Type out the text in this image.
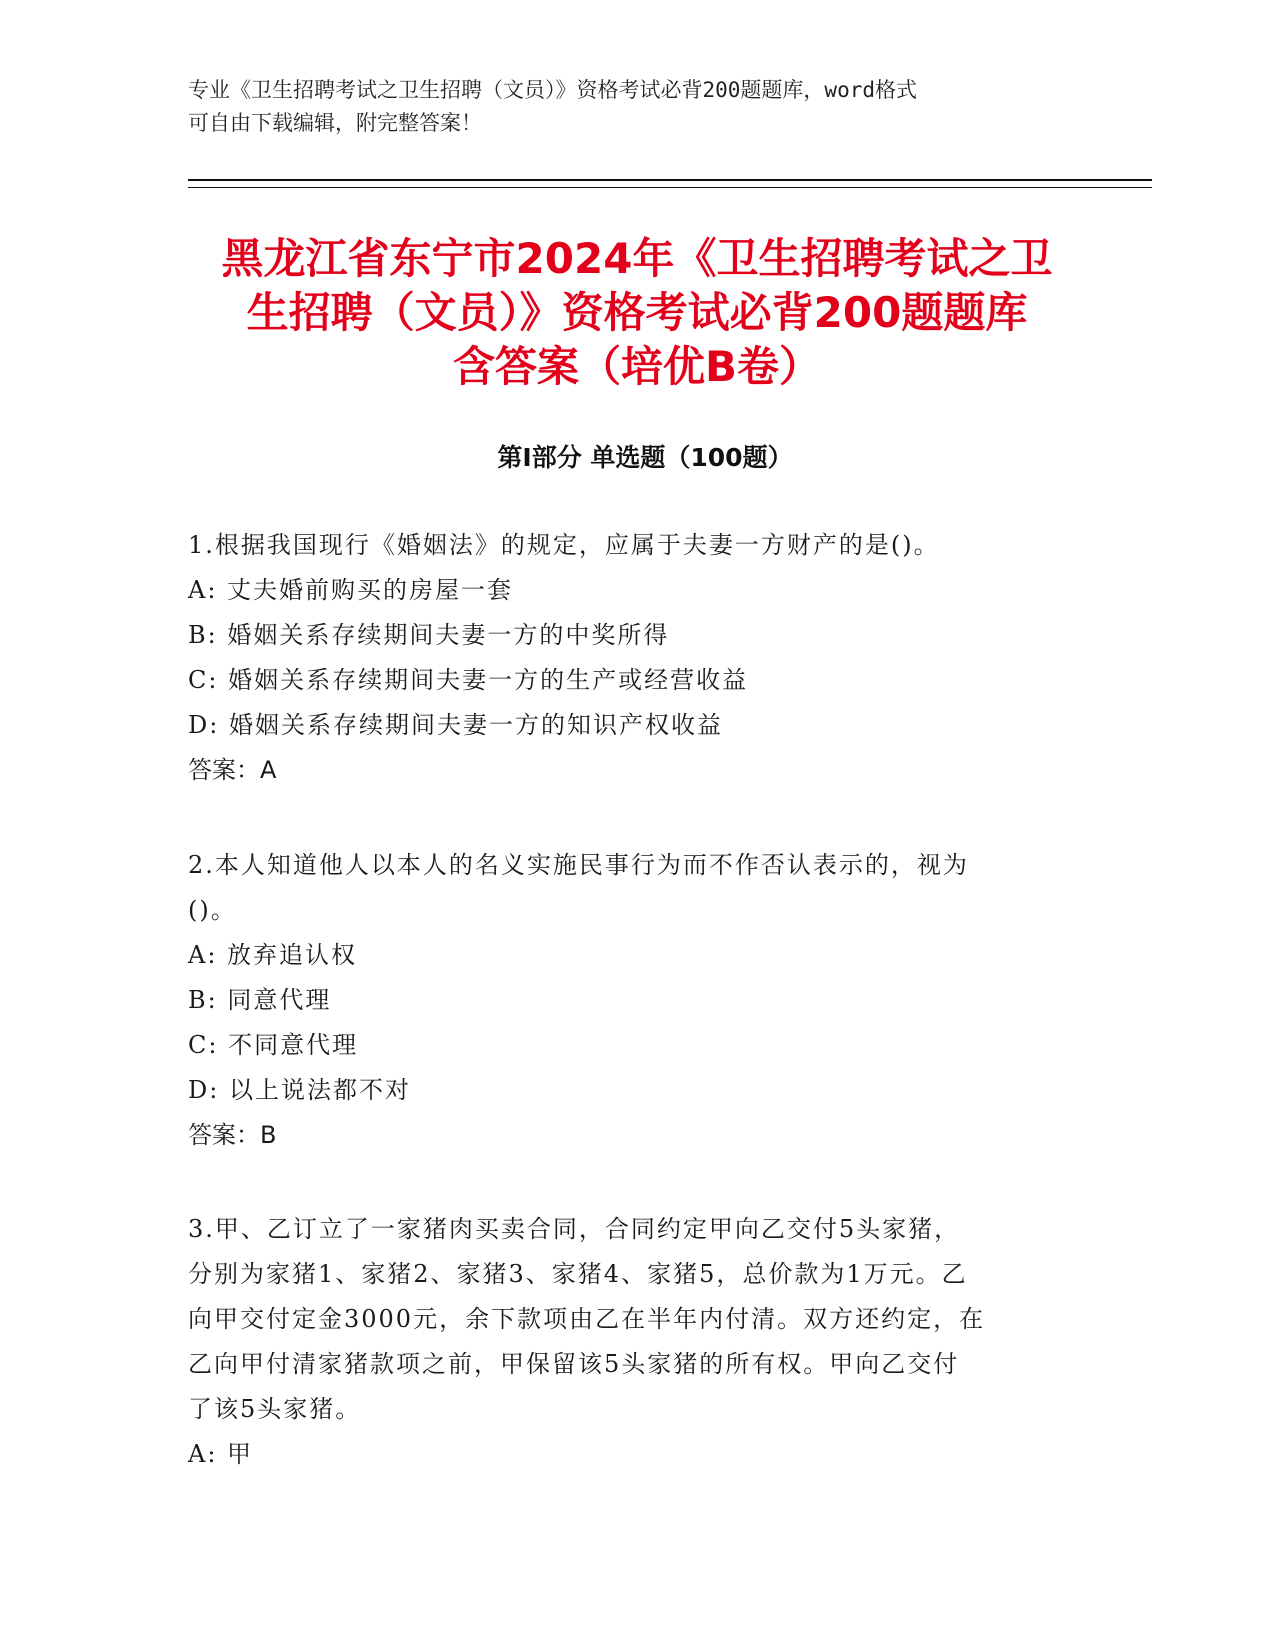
专业《卫生招聘考试之卫生招聘（文员）》资格考试必背200题题库，word格式
可自由下载编辑，附完整答案！
黑龙江省东宁市2024年《卫生招聘考试之卫
生招聘（文员）》资格考试必背200题题库
含答案（培优B卷）
第Ⅰ部分 单选题（100题）

1.根据我国现行《婚姻法》的规定，应属于夫妻一方财产的是()。

A: 丈夫婚前购买的房屋一套

B: 婚姻关系存续期间夫妻一方的中奖所得

C: 婚姻关系存续期间夫妻一方的生产或经营收益

D: 婚姻关系存续期间夫妻一方的知识产权收益

答案：A

2.本人知道他人以本人的名义实施民事行为而不作否认表示的，视为

()。

A: 放弃追认权

B: 同意代理

C: 不同意代理

D: 以上说法都不对

答案：B

3.甲、乙订立了一家猪肉买卖合同，合同约定甲向乙交付5头家猪，

分别为家猪1、家猪2、家猪3、家猪4、家猪5，总价款为1万元。乙

向甲交付定金3000元，余下款项由乙在半年内付清。双方还约定，在

乙向甲付清家猪款项之前，甲保留该5头家猪的所有权。甲向乙交付

了该5头家猪。

A: 甲
